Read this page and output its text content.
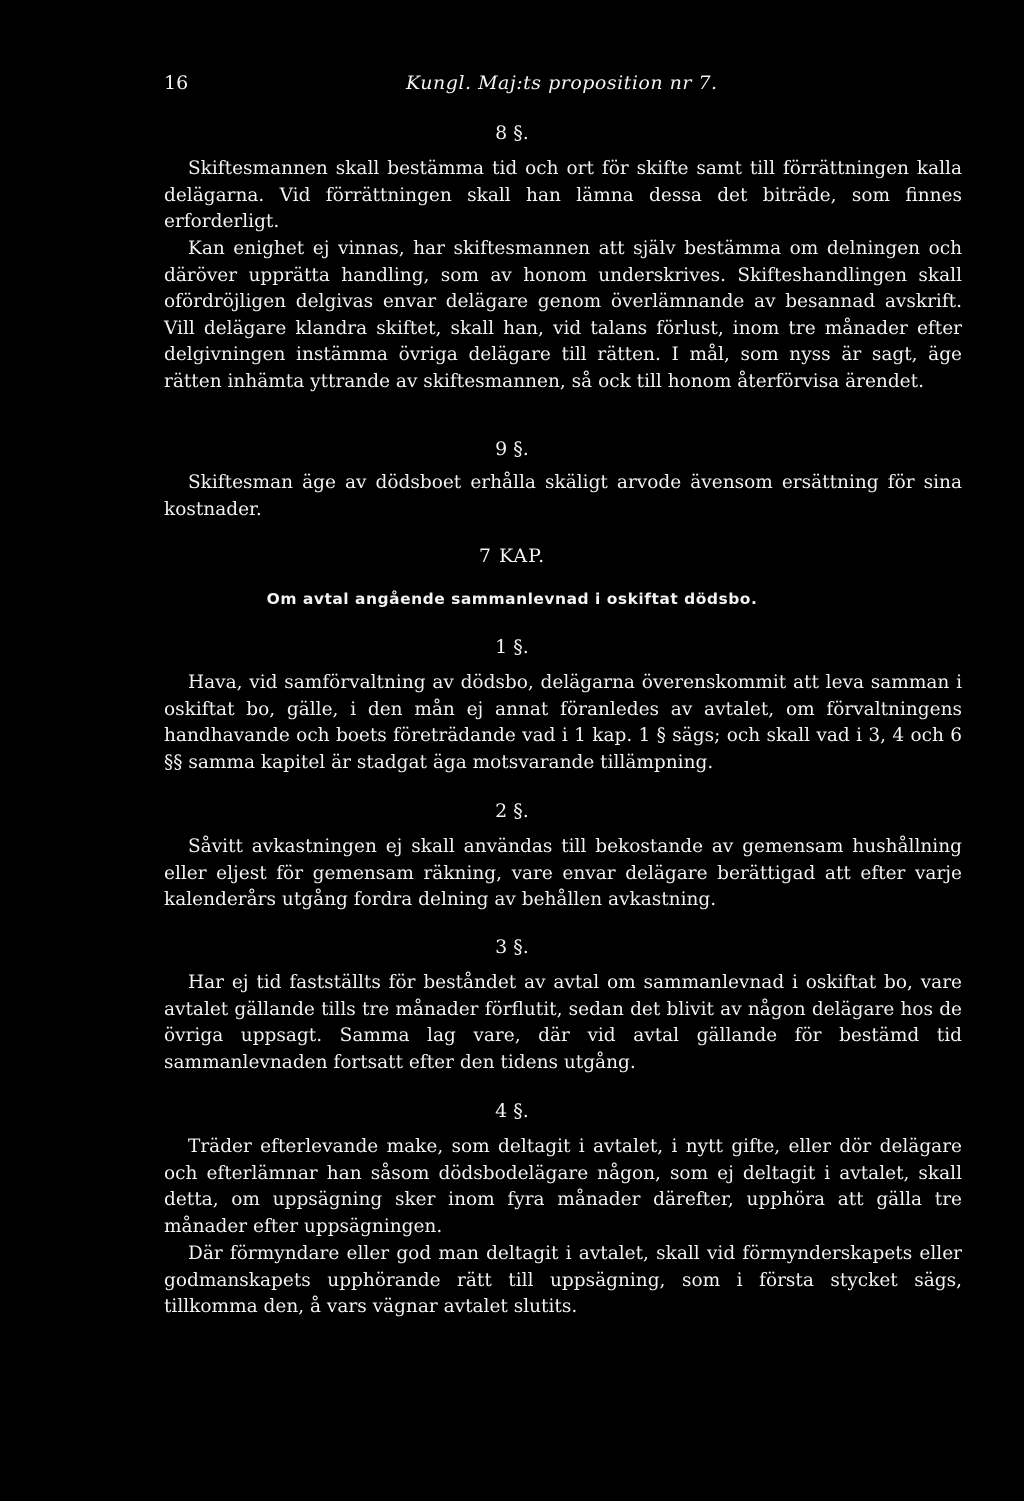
16	Kungl. Maj:ts proposition nr 7.
8 §.

Skiftesmannen skall bestämma tid och ort för skifte samt till förrättningen kalla delägarna. Vid förrättningen skall han lämna dessa det biträde, som finnes erforderligt.

Kan enighet ej vinnas, har skiftesmannen att själv bestämma om delningen och däröver upprätta handling, som av honom underskrives. Skifteshandlingen skall ofördröjligen delgivas envar delägare genom överlämnande av besannad avskrift. Vill delägare klandra skiftet, skall han, vid talans förlust, inom tre månader efter delgivningen instämma övriga delägare till rätten. I mål, som nyss är sagt, äge rätten inhämta yttrande av skiftesmannen, så ock till honom återförvisa ärendet.

9 §.

Skiftesman äge av dödsboet erhålla skäligt arvode ävensom ersättning för sina kostnader.

7 KAP.
Om avtal angående sammanlevnad i oskiftat dödsbo.
1 §.

Hava, vid samförvaltning av dödsbo, delägarna överenskommit att leva samman i oskiftat bo, gälle, i den mån ej annat föranledes av avtalet, om förvaltningens handhavande och boets företrädande vad i 1 kap. 1 § sägs; och skall vad i 3, 4 och 6 §§ samma kapitel är stadgat äga motsvarande tillämpning.

2 §.

Såvitt avkastningen ej skall användas till bekostande av gemensam hushållning eller eljest för gemensam räkning, vare envar delägare berättigad att efter varje kalenderårs utgång fordra delning av behållen avkastning.

3 §.

Har ej tid fastställts för beståndet av avtal om sammanlevnad i oskiftat bo, vare avtalet gällande tills tre månader förflutit, sedan det blivit av någon delägare hos de övriga uppsagt. Samma lag vare, där vid avtal gällande för bestämd tid sammanlevnaden fortsatt efter den tidens utgång.

4 §.

Träder efterlevande make, som deltagit i avtalet, i nytt gifte, eller dör delägare och efterlämnar han såsom dödsbodelägare någon, som ej deltagit i avtalet, skall detta, om uppsägning sker inom fyra månader därefter, upphöra att gälla tre månader efter uppsägningen.

Där förmyndare eller god man deltagit i avtalet, skall vid förmynderskapets eller godmanskapets upphörande rätt till uppsägning, som i första stycket sägs, tillkomma den, å vars vägnar avtalet slutits.
